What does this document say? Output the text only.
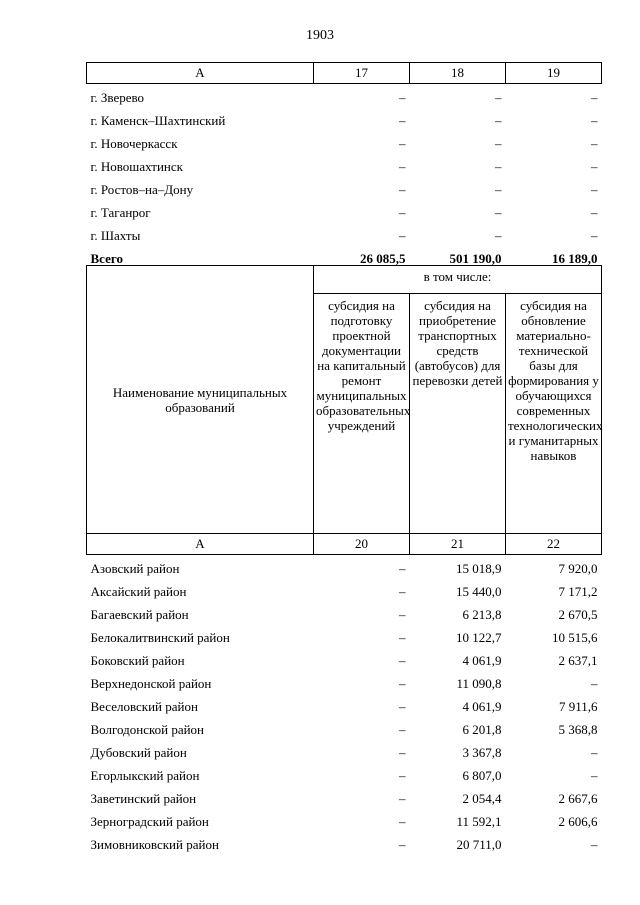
1903
А	17	18	19
г. Зверево	–	–	–
г. Каменск–Шахтинский	–	–	–
г. Новочеркасск	–	–	–
г. Новошахтинск	–	–	–
г. Ростов–на–Дону	–	–	–
г. Таганрог	–	–	–
г. Шахты	–	–	–
Всего	26 085,5	501 190,0	16 189,0
Наименование муниципальных образований	в том числе:		
	субсидия на подготовку проектной документации на капитальный ремонт муниципальных образовательных учреждений	субсидия на приобретение транспортных средств (автобусов) для перевозки детей	субсидия на обновление материально-технической базы для формирования у обучающихся современных технологических и гуманитарных навыков
А	20	21	22
Азовский район	–	15 018,9	7 920,0
Аксайский район	–	15 440,0	7 171,2
Багаевский район	–	6 213,8	2 670,5
Белокалитвинский район	–	10 122,7	10 515,6
Боковский район	–	4 061,9	2 637,1
Верхнедонской район	–	11 090,8	–
Веселовский район	–	4 061,9	7 911,6
Волгодонской район	–	6 201,8	5 368,8
Дубовский район	–	3 367,8	–
Егорлыкский район	–	6 807,0	–
Заветинский район	–	2 054,4	2 667,6
Зерноградский район	–	11 592,1	2 606,6
Зимовниковский район	–	20 711,0	–
